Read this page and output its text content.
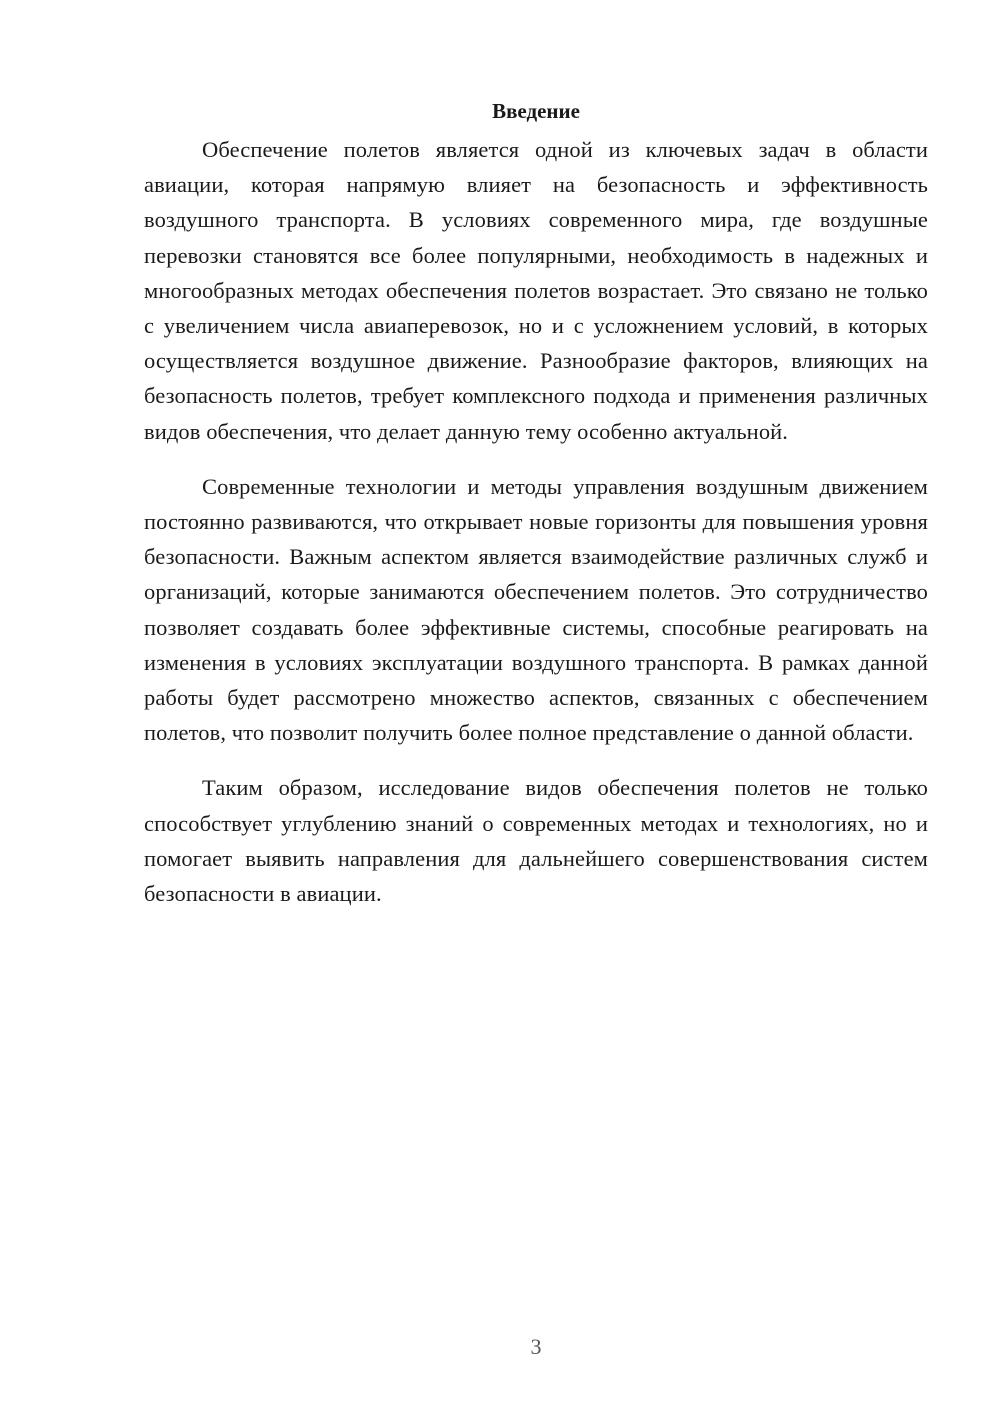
Введение

Обеспечение полетов является одной из ключевых задач в области авиации, которая напрямую влияет на безопасность и эффективность воздушного транспорта. В условиях современного мира, где воздушные перевозки становятся все более популярными, необходимость в надежных и многообразных методах обеспечения полетов возрастает. Это связано не только с увеличением числа авиаперевозок, но и с усложнением условий, в которых осуществляется воздушное движение. Разнообразие факторов, влияющих на безопасность полетов, требует комплексного подхода и применения различных видов обеспечения, что делает данную тему особенно актуальной.

Современные технологии и методы управления воздушным движением постоянно развиваются, что открывает новые горизонты для повышения уровня безопасности. Важным аспектом является взаимодействие различных служб и организаций, которые занимаются обеспечением полетов. Это сотрудничество позволяет создавать более эффективные системы, способные реагировать на изменения в условиях эксплуатации воздушного транспорта. В рамках данной работы будет рассмотрено множество аспектов, связанных с обеспечением полетов, что позволит получить более полное представление о данной области.

Таким образом, исследование видов обеспечения полетов не только способствует углублению знаний о современных методах и технологиях, но и помогает выявить направления для дальнейшего совершенствования систем безопасности в авиации.

3
